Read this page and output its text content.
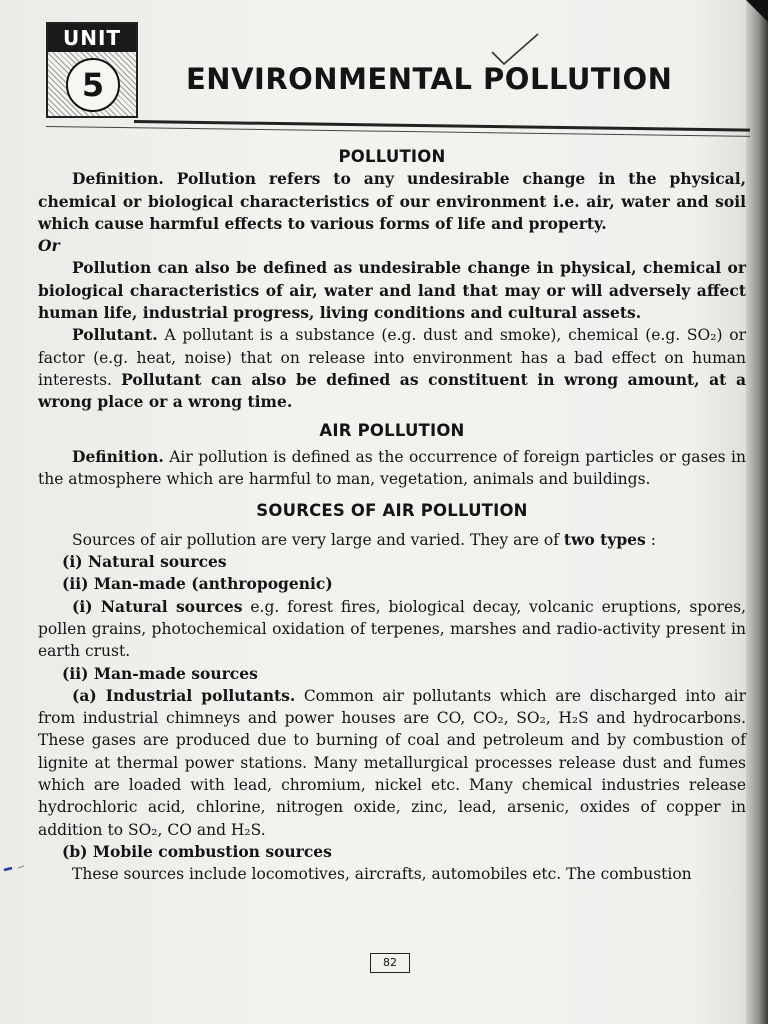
UNIT
5	ENVIRONMENTAL POLLUTION
POLLUTION

Definition. Pollution refers to any undesirable change in the physical, chemical or biological characteristics of our environment i.e. air, water and soil which cause harmful effects to various forms of life and property.

Or

Pollution can also be defined as undesirable change in physical, chemical or biological characteristics of air, water and land that may or will adversely affect human life, industrial progress, living conditions and cultural assets.

Pollutant. A pollutant is a substance (e.g. dust and smoke), chemical (e.g. SO₂) or factor (e.g. heat, noise) that on release into environment has a bad effect on human interests. Pollutant can also be defined as constituent in wrong amount, at a wrong place or a wrong time.

AIR POLLUTION

Definition. Air pollution is defined as the occurrence of foreign particles or gases in the atmosphere which are harmful to man, vegetation, animals and buildings.

SOURCES OF AIR POLLUTION

Sources of air pollution are very large and varied. They are of two types :

(i) Natural sources

(ii) Man-made (anthropogenic)

(i) Natural sources e.g. forest fires, biological decay, volcanic eruptions, spores, pollen grains, photochemical oxidation of terpenes, marshes and radio-activity present in earth crust.

(ii) Man-made sources

(a) Industrial pollutants. Common air pollutants which are discharged into air from industrial chimneys and power houses are CO, CO₂, SO₂, H₂S and hydrocarbons. These gases are produced due to burning of coal and petroleum and by combustion of lignite at thermal power stations. Many metallurgical processes release dust and fumes which are loaded with lead, chromium, nickel etc. Many chemical industries release hydrochloric acid, chlorine, nitrogen oxide, zinc, lead, arsenic, oxides of copper in addition to SO₂, CO and H₂S.

(b) Mobile combustion sources

These sources include locomotives, aircrafts, automobiles etc. The combustion

82
